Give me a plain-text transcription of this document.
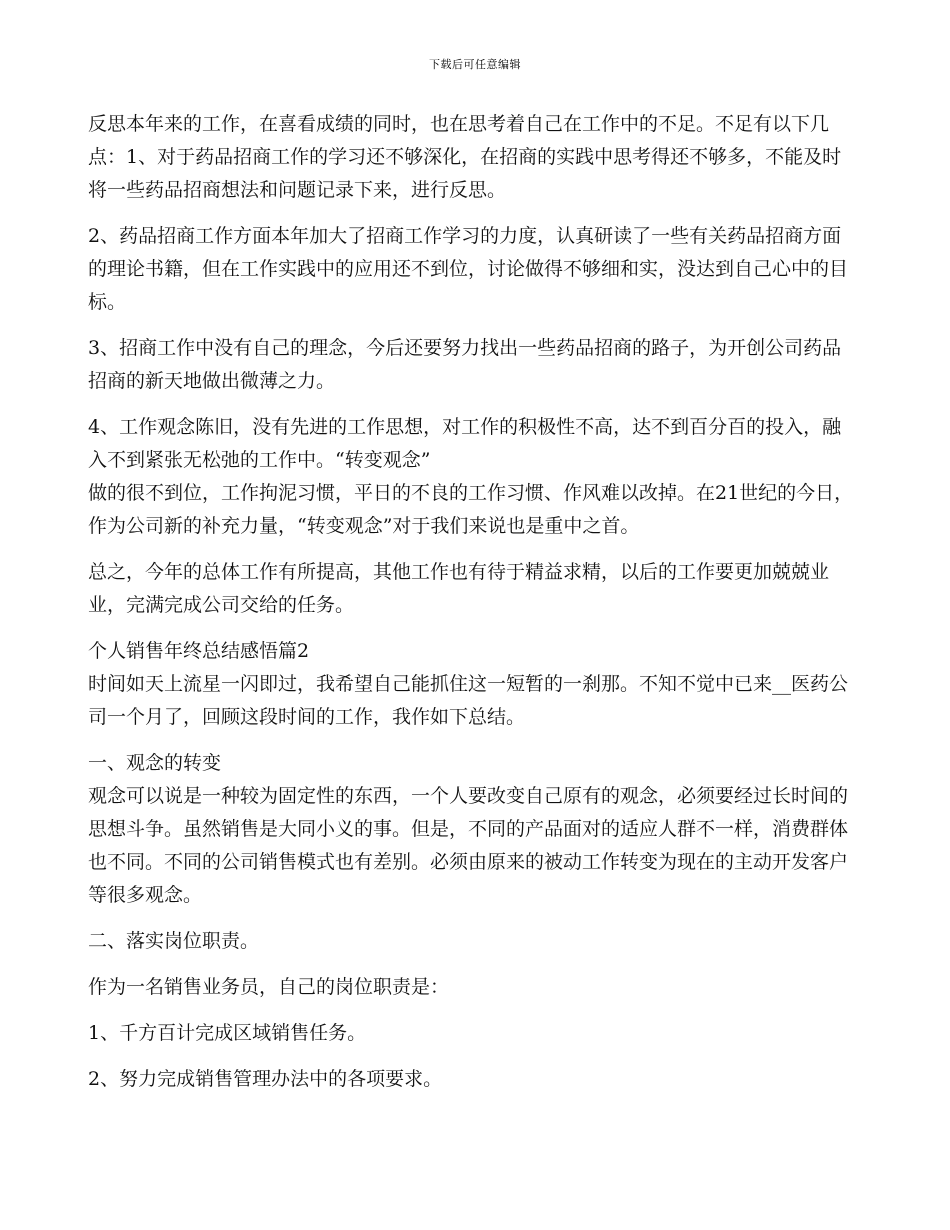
下载后可任意编辑

反思本年来的工作，在喜看成绩的同时，也在思考着自己在工作中的不足。不足有以下几点：1、对于药品招商工作的学习还不够深化，在招商的实践中思考得还不够多，不能及时将一些药品招商想法和问题记录下来，进行反思。

2、药品招商工作方面本年加大了招商工作学习的力度，认真研读了一些有关药品招商方面的理论书籍，但在工作实践中的应用还不到位，讨论做得不够细和实，没达到自己心中的目标。

3、招商工作中没有自己的理念，今后还要努力找出一些药品招商的路子，为开创公司药品招商的新天地做出微薄之力。

4、工作观念陈旧，没有先进的工作思想，对工作的积极性不高，达不到百分百的投入，融入不到紧张无松弛的工作中。“转变观念”

做的很不到位，工作拘泥习惯，平日的不良的工作习惯、作风难以改掉。在21世纪的今日，作为公司新的补充力量，“转变观念”对于我们来说也是重中之首。

总之，今年的总体工作有所提高，其他工作也有待于精益求精，以后的工作要更加兢兢业业，完满完成公司交给的任务。

个人销售年终总结感悟篇2

时间如天上流星一闪即过，我希望自己能抓住这一短暂的一刹那。不知不觉中已来__医药公司一个月了，回顾这段时间的工作，我作如下总结。

一、观念的转变

观念可以说是一种较为固定性的东西，一个人要改变自己原有的观念，必须要经过长时间的思想斗争。虽然销售是大同小义的事。但是，不同的产品面对的适应人群不一样，消费群体也不同。不同的公司销售模式也有差别。必须由原来的被动工作转变为现在的主动开发客户等很多观念。

二、落实岗位职责。

作为一名销售业务员，自己的岗位职责是：

1、千方百计完成区域销售任务。

2、努力完成销售管理办法中的各项要求。
